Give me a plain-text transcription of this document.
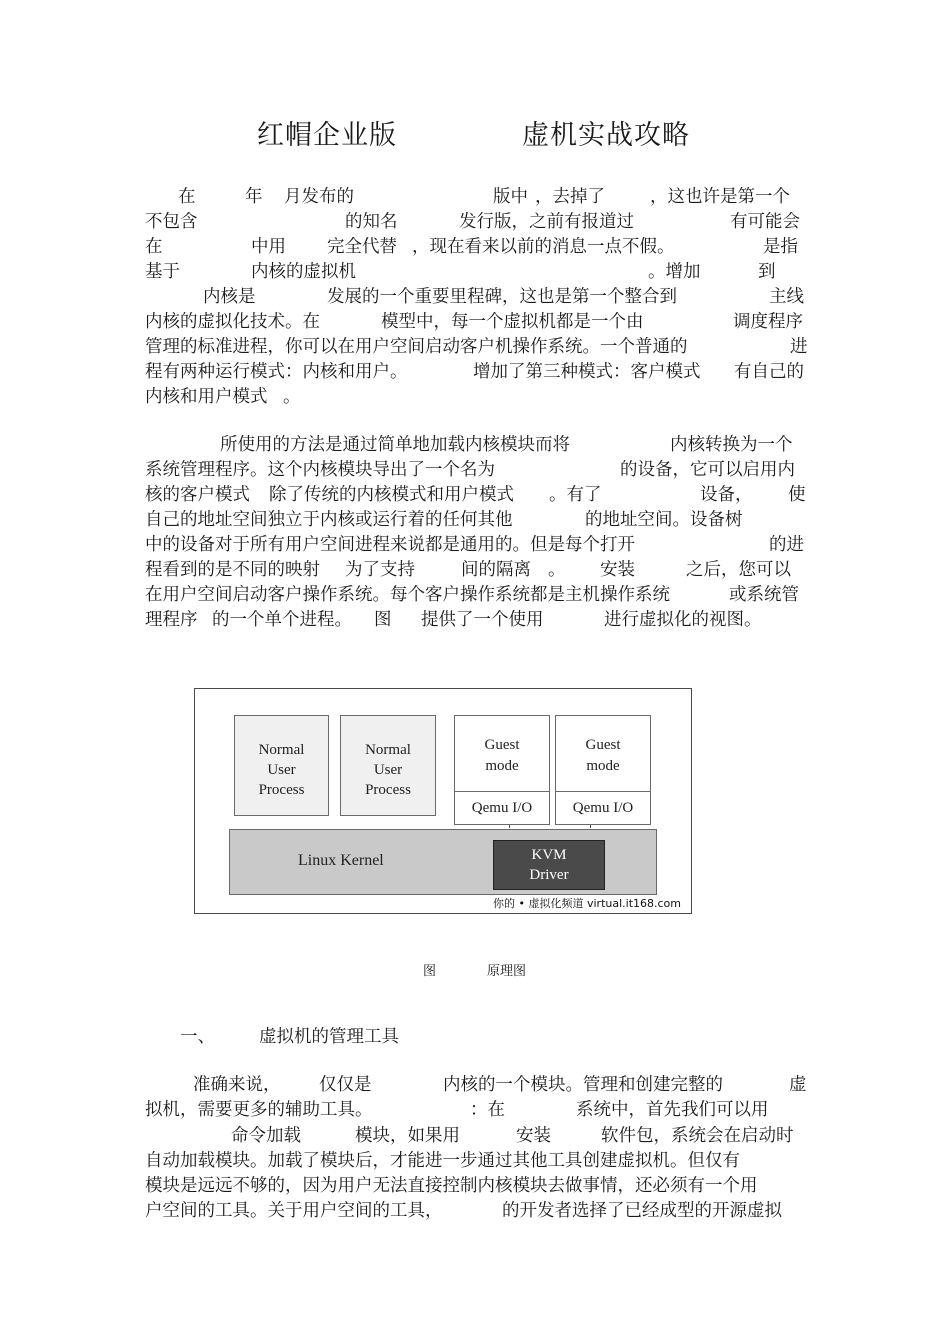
红帽企业版	虚机实战攻略
在	年 月发布的	版中 ，去掉了	，这也许是第一个
不包含	的知名	发行版，之前有报道过	有可能会
在	中用 完全代替 ，现在看来以前的消息一点不假。	是指
基于	内核的虚拟机	。增加	到
内核是	发展的一个重要里程碑，这也是第一个整合到	主线
内核的虚拟化技术。在	模型中，每一个虚拟机都是一个由	调度程序
管理的标准进程，你可以在用户空间启动客户机操作系统。一个普通的	进
程有两种运行模式：内核和用户。	增加了第三种模式：客户模式 有自己的
内核和用户模式 。
所使用的方法是通过简单地加载内核模块而将	内核转换为一个
系统管理程序。这个内核模块导出了一个名为	的设备，它可以启用内
核的客户模式 除了传统的内核模式和用户模式 。有了	设备， 使
自己的地址空间独立于内核或运行着的任何其他	的地址空间。设备树
中的设备对于所有用户空间进程来说都是通用的。但是每个打开	的进
程看到的是不同的映射 为了支持	间的隔离 。 安装	之后，您可以
在用户空间启动客户操作系统。每个客户操作系统都是主机操作系统	或系统管
理程序 的一个单个进程。 图 提供了一个使用	进行虚拟化的视图。
Normal
User
Process
Normal
User
Process
Guest
mode
Qemu I/O
Guest
mode
Qemu I/O
Linux Kernel	KVM
Driver
你的 • 虚拟化频道 virtual.it168.com
图	原理图
一、	虚拟机的管理工具
准确来说， 仅仅是	内核的一个模块。管理和创建完整的	虚
拟机，需要更多的辅助工具。	：在	系统中，首先我们可以用
命令加载	模块，如果用	安装	软件包，系统会在启动时
自动加载模块。加载了模块后，才能进一步通过其他工具创建虚拟机。但仅有
模块是远远不够的，因为用户无法直接控制内核模块去做事情，还必须有一个用
户空间的工具。关于用户空间的工具，	的开发者选择了已经成型的开源虚拟
